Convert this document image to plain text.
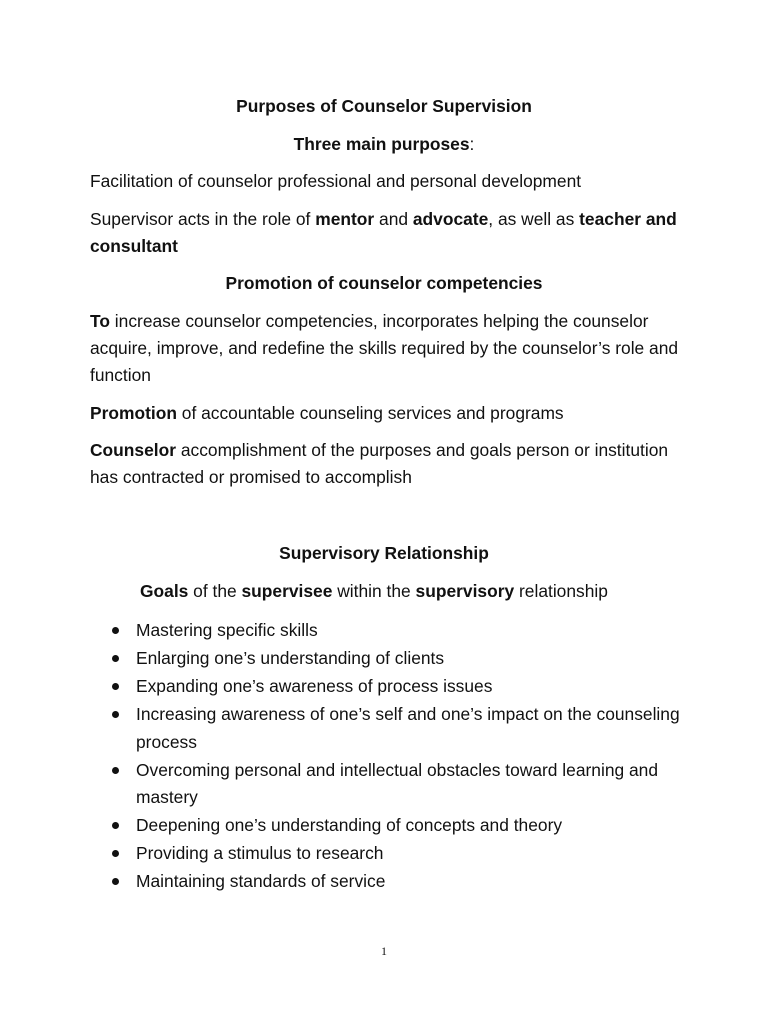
Purposes of Counselor Supervision

Three main purposes:

Facilitation of counselor professional and personal development

Supervisor acts in the role of mentor and advocate, as well as teacher and consultant

Promotion of counselor competencies

To increase counselor competencies, incorporates helping the counselor acquire, improve, and redefine the skills required by the counselor’s role and function

Promotion of accountable counseling services and programs

Counselor accomplishment of the purposes and goals person or institution has contracted or promised to accomplish

Supervisory Relationship

Goals of the supervisee within the supervisory relationship

Mastering specific skills
Enlarging one’s understanding of clients
Expanding one’s awareness of process issues
Increasing awareness of one’s self and one’s impact on the counseling process
Overcoming personal and intellectual obstacles toward learning and mastery
Deepening one’s understanding of concepts and theory
Providing a stimulus to research
Maintaining standards of service
1
